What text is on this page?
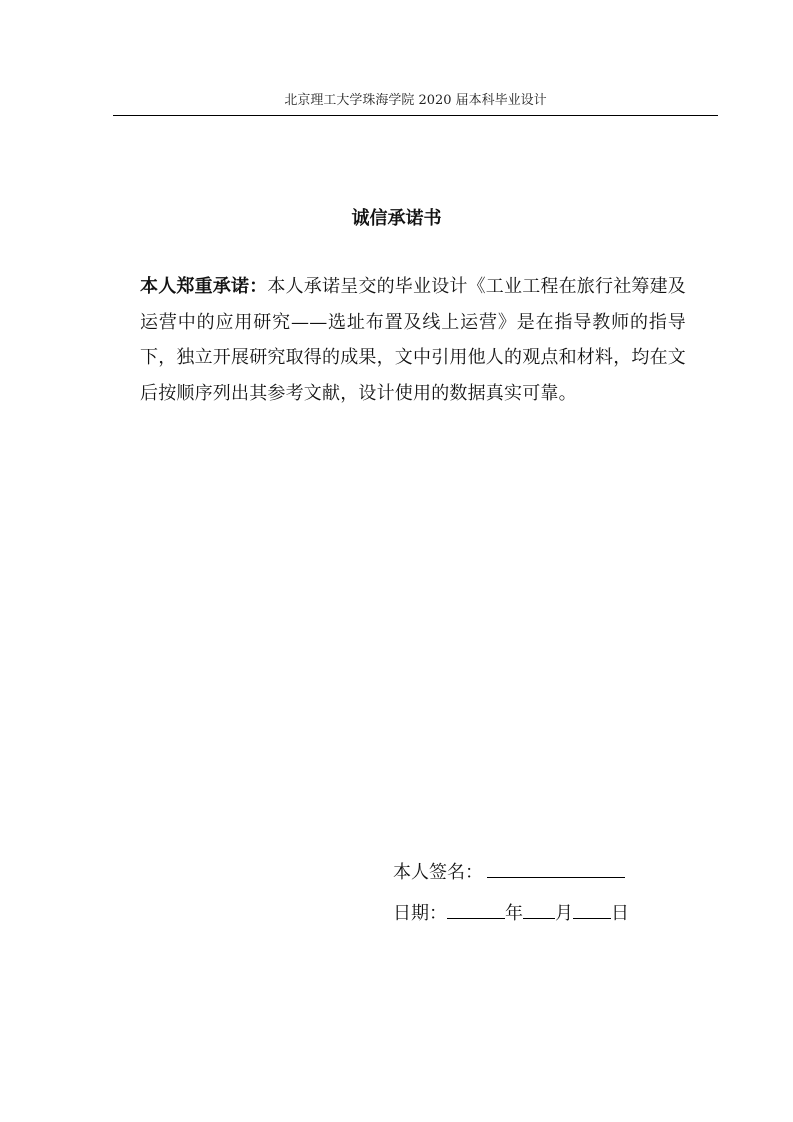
北京理工大学珠海学院 2020 届本科毕业设计
诚信承诺书
本人郑重承诺：本人承诺呈交的毕业设计《工业工程在旅行社筹建及运营中的应用研究——选址布置及线上运营》是在指导教师的指导下，独立开展研究取得的成果，文中引用他人的观点和材料，均在文后按顺序列出其参考文献，设计使用的数据真实可靠。
本人签名：
日期：	年 月 日
